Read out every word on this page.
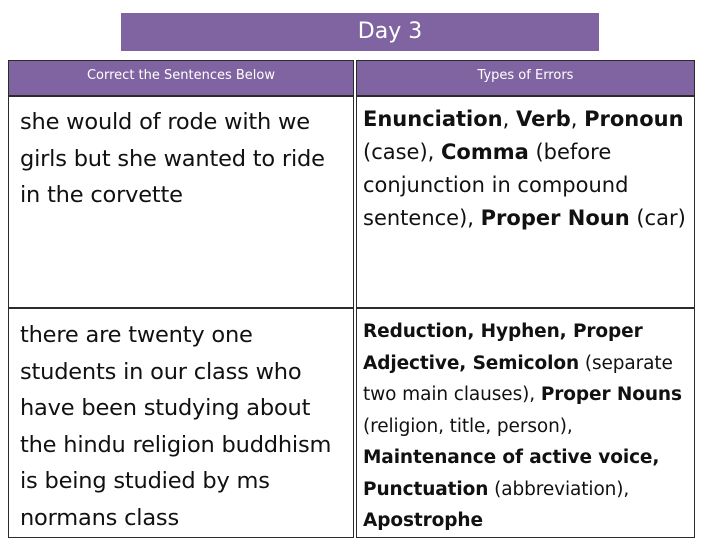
Day 3
Correct the Sentences Below	Types of Errors

she would of rode with we girls but she wanted to ride in the corvette

Enunciation, Verb, Pronoun (case), Comma (before conjunction in compound sentence), Proper Noun (car)

there are twenty one students in our class who have been studying about the hindu religion buddhism is being studied by ms normans class

Reduction, Hyphen, Proper Adjective, Semicolon (separate two main clauses), Proper Nouns (religion, title, person), Maintenance of active voice, Punctuation (abbreviation), Apostrophe
